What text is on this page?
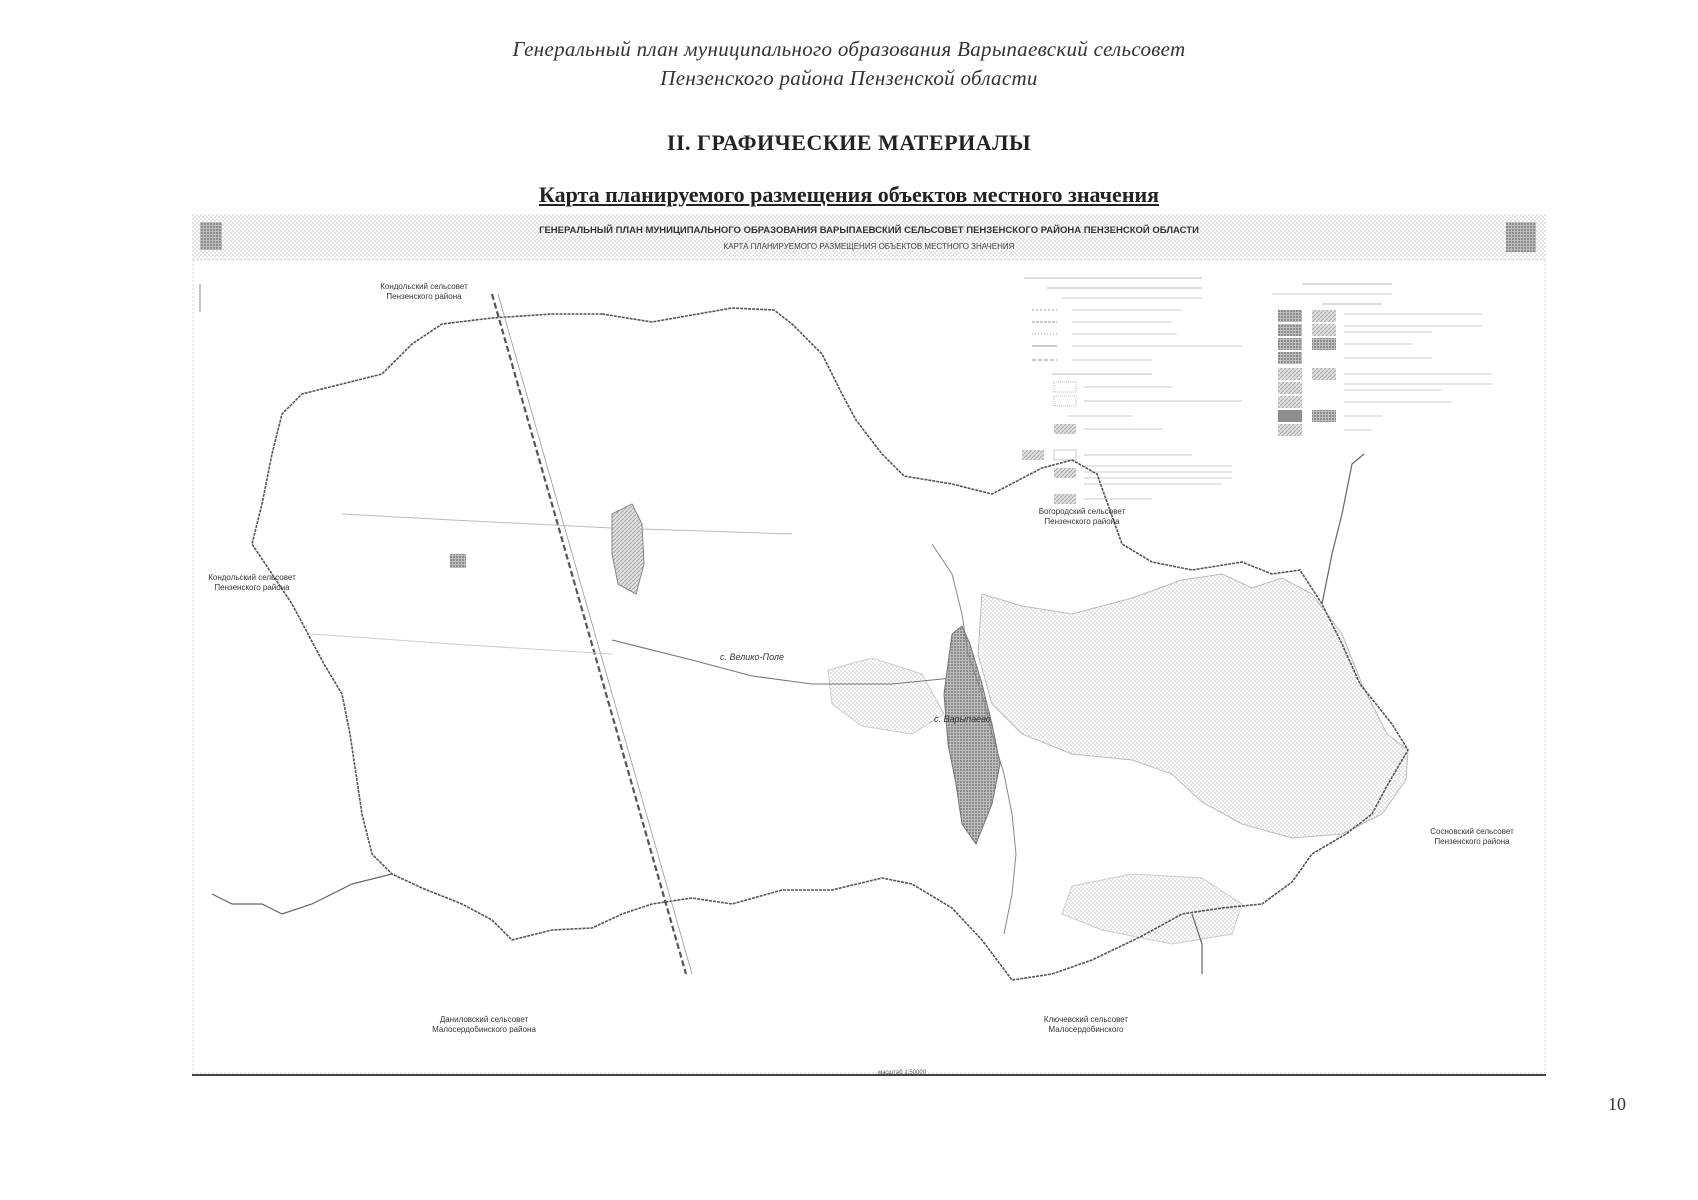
Генеральный план муниципального образования Варыпаевский сельсовет
Пензенского района Пензенской области
II. ГРАФИЧЕСКИЕ МАТЕРИАЛЫ
Карта планируемого размещения объектов местного значения
ГЕНЕРАЛЬНЫЙ ПЛАН МУНИЦИПАЛЬНОГО ОБРАЗОВАНИЯ ВАРЫПАЕВСКИЙ СЕЛЬСОВЕТ ПЕНЗЕНСКОГО РАЙОНА ПЕНЗЕНСКОЙ ОБЛАСТИ
КАРТА ПЛАНИРУЕМОГО РАЗМЕЩЕНИЯ ОБЪЕКТОВ МЕСТНОГО ЗНАЧЕНИЯ
Кондольский сельсовет
Пензенского района
Кондольский сельсовет
Пензенского района
Богородский сельсовет
Пензенского района
Сосновский сельсовет
Пензенского района
Даниловский сельсовет
Малосердобинского района
Ключевский сельсовет
Малосердобинского
с. Велико-Поле
с. Варыпаево
масштаб 1:50000
10
